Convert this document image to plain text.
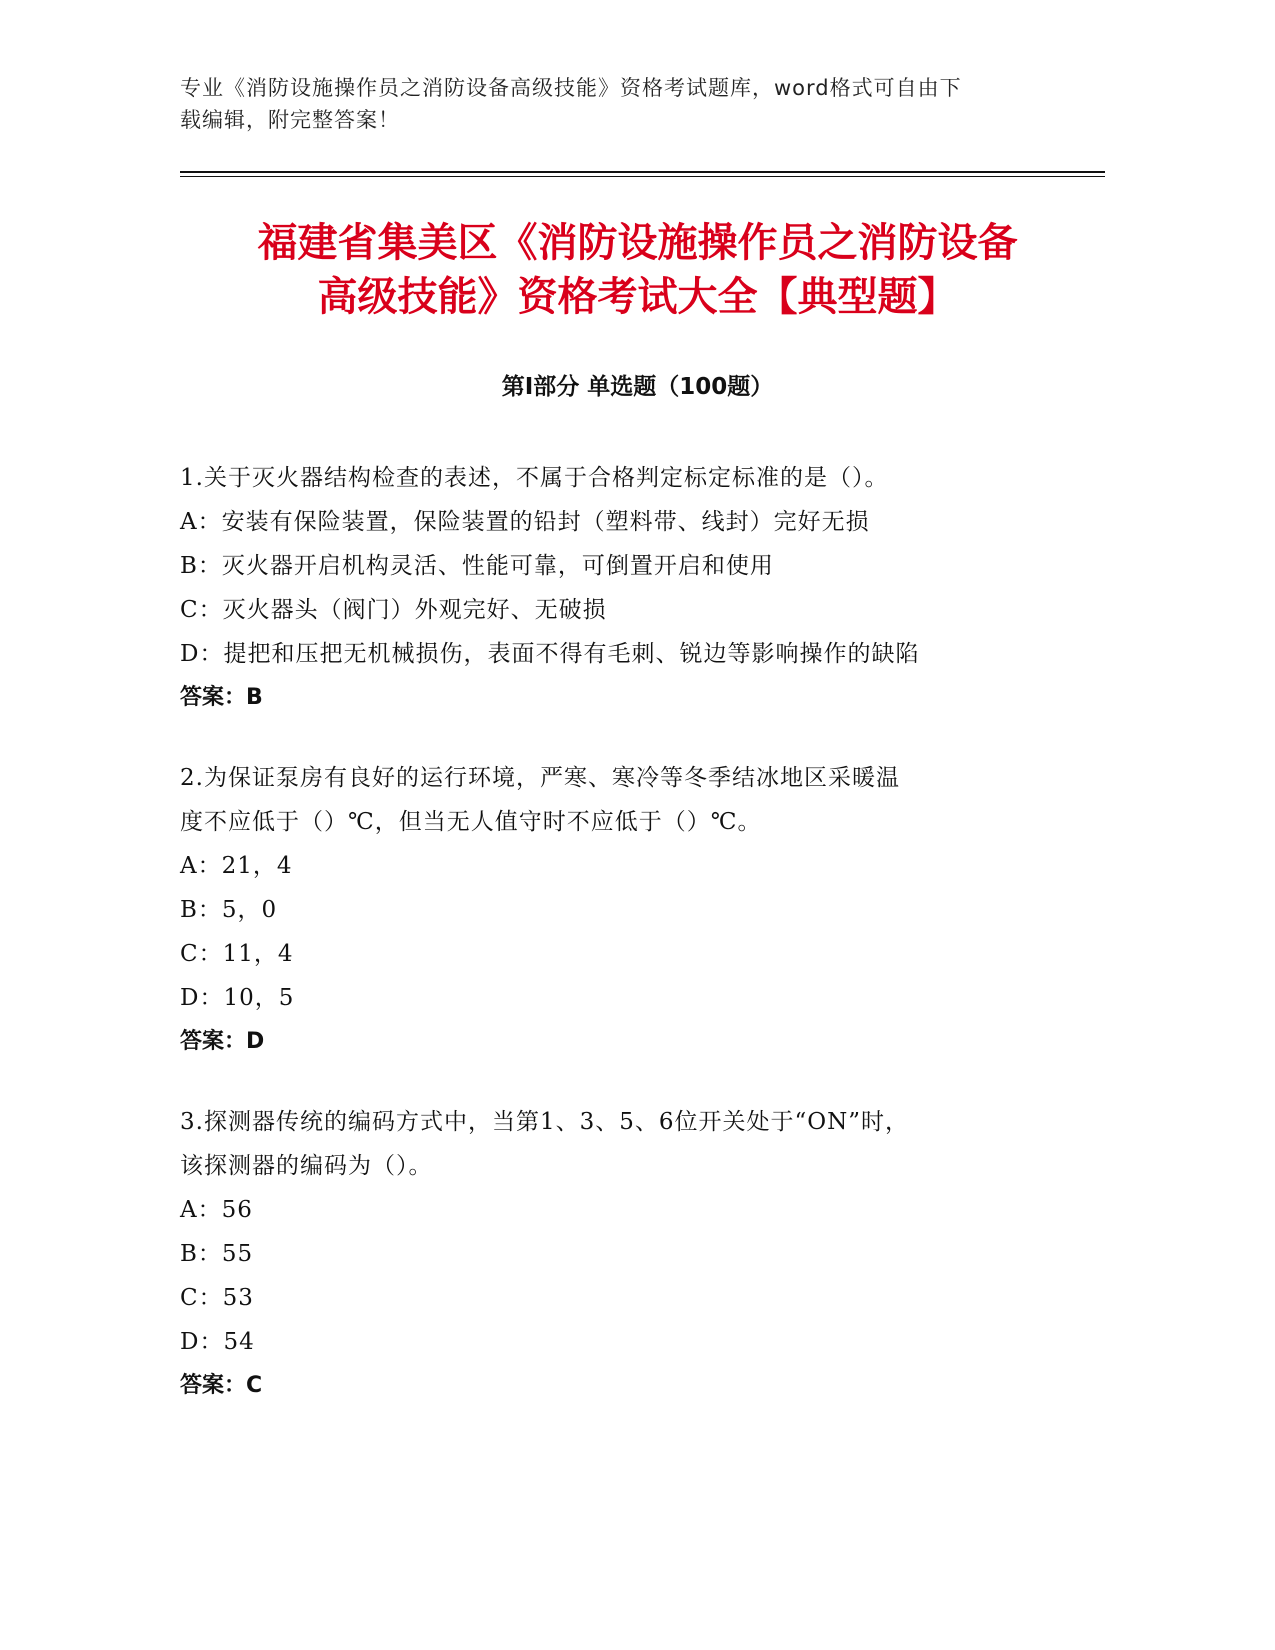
专业《消防设施操作员之消防设备高级技能》资格考试题库，word格式可自由下
载编辑，附完整答案！
福建省集美区《消防设施操作员之消防设备
高级技能》资格考试大全【典型题】
第Ⅰ部分 单选题（100题）
1.关于灭火器结构检查的表述，不属于合格判定标定标准的是（）。
A：安装有保险装置，保险装置的铅封（塑料带、线封）完好无损
B：灭火器开启机构灵活、性能可靠，可倒置开启和使用
C：灭火器头（阀门）外观完好、无破损
D：提把和压把无机械损伤，表面不得有毛刺、锐边等影响操作的缺陷
答案：B
2.为保证泵房有良好的运行环境，严寒、寒冷等冬季结冰地区采暖温
度不应低于（）℃，但当无人值守时不应低于（）℃。
A：21，4
B：5，0
C：11，4
D：10，5
答案：D
3.探测器传统的编码方式中，当第1、3、5、6位开关处于“ON”时，
该探测器的编码为（）。
A：56
B：55
C：53
D：54
答案：C
